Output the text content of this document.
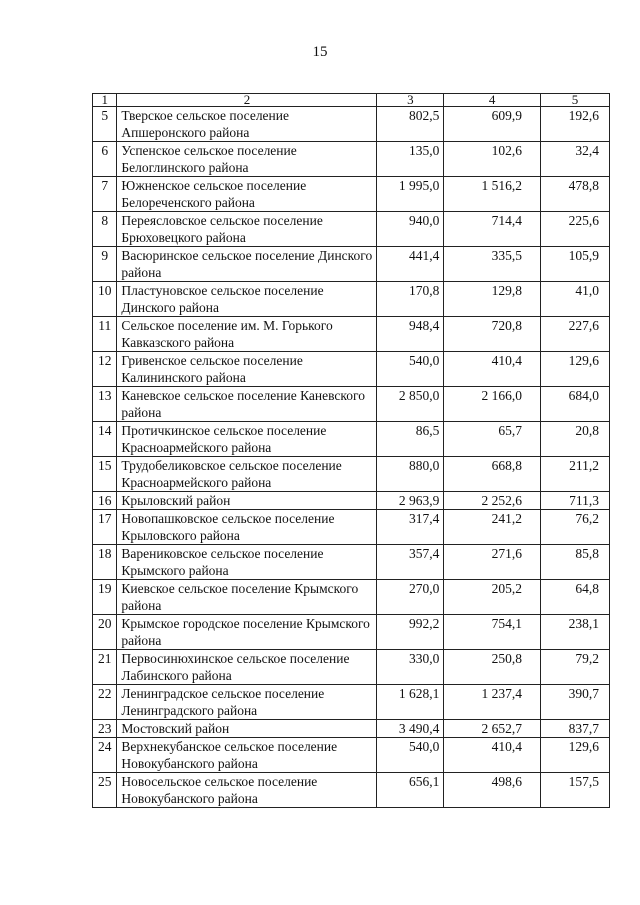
15
1	2	3	4	5
5	Тверское сельское поселение Апшеронского района	802,5	609,9	192,6
6	Успенское сельское поселение Белоглинского района	135,0	102,6	32,4
7	Южненское сельское поселение Белореченского района	1 995,0	1 516,2	478,8
8	Переясловское сельское поселение Брюховецкого района	940,0	714,4	225,6
9	Васюринское сельское поселение Динского района	441,4	335,5	105,9
10	Пластуновское сельское поселение Динского района	170,8	129,8	41,0
11	Сельское поселение им. М. Горького Кавказского района	948,4	720,8	227,6
12	Гривенское сельское поселение Калининского района	540,0	410,4	129,6
13	Каневское сельское поселение Каневского района	2 850,0	2 166,0	684,0
14	Протичкинское сельское поселение Красноармейского района	86,5	65,7	20,8
15	Трудобеликовское сельское поселение Красноармейского района	880,0	668,8	211,2
16	Крыловский район	2 963,9	2 252,6	711,3
17	Новопашковское сельское поселение Крыловского района	317,4	241,2	76,2
18	Варениковское сельское поселение Крымского района	357,4	271,6	85,8
19	Киевское сельское поселение Крымского района	270,0	205,2	64,8
20	Крымское городское поселение Крымского района	992,2	754,1	238,1
21	Первосинюхинское сельское поселение Лабинского района	330,0	250,8	79,2
22	Ленинградское сельское поселение Ленинградского района	1 628,1	1 237,4	390,7
23	Мостовский район	3 490,4	2 652,7	837,7
24	Верхнекубанское сельское поселение Новокубанского района	540,0	410,4	129,6
25	Новосельское сельское поселение Новокубанского района	656,1	498,6	157,5
